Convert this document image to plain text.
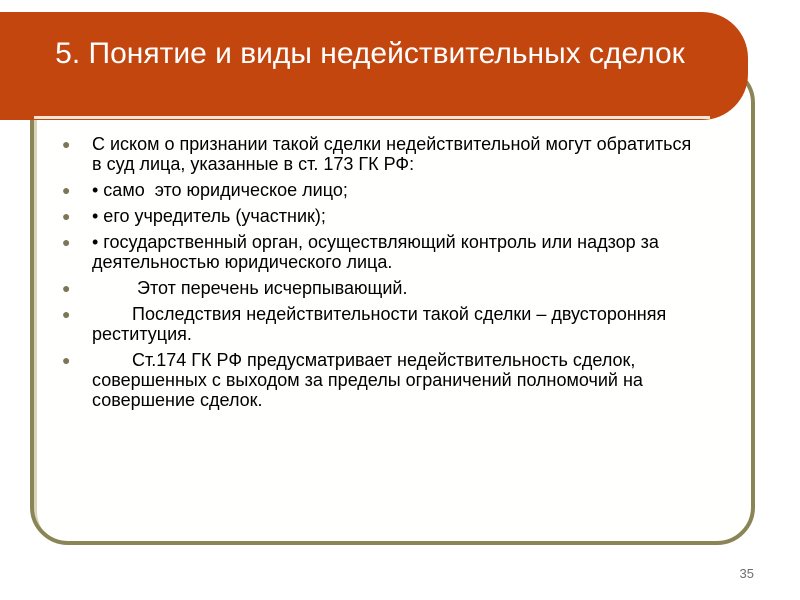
5. Понятие и виды недействительных сделок
●	С иском о признании такой сделки недействительной могут обратиться в суд лица, указанные в ст. 173 ГК РФ:
●	• само  это юридическое лицо;
●	• его учредитель (участник);
●	• государственный орган, осуществляющий контроль или надзор за деятельностью юридического лица.
●	Этот перечень исчерпывающий.
●	Последствия недействительности такой сделки – двусторонняя реституция.
●	Ст.174 ГК РФ предусматривает недействительность сделок, совершенных с выходом за пределы ограничений полномочий на совершение сделок.
35
